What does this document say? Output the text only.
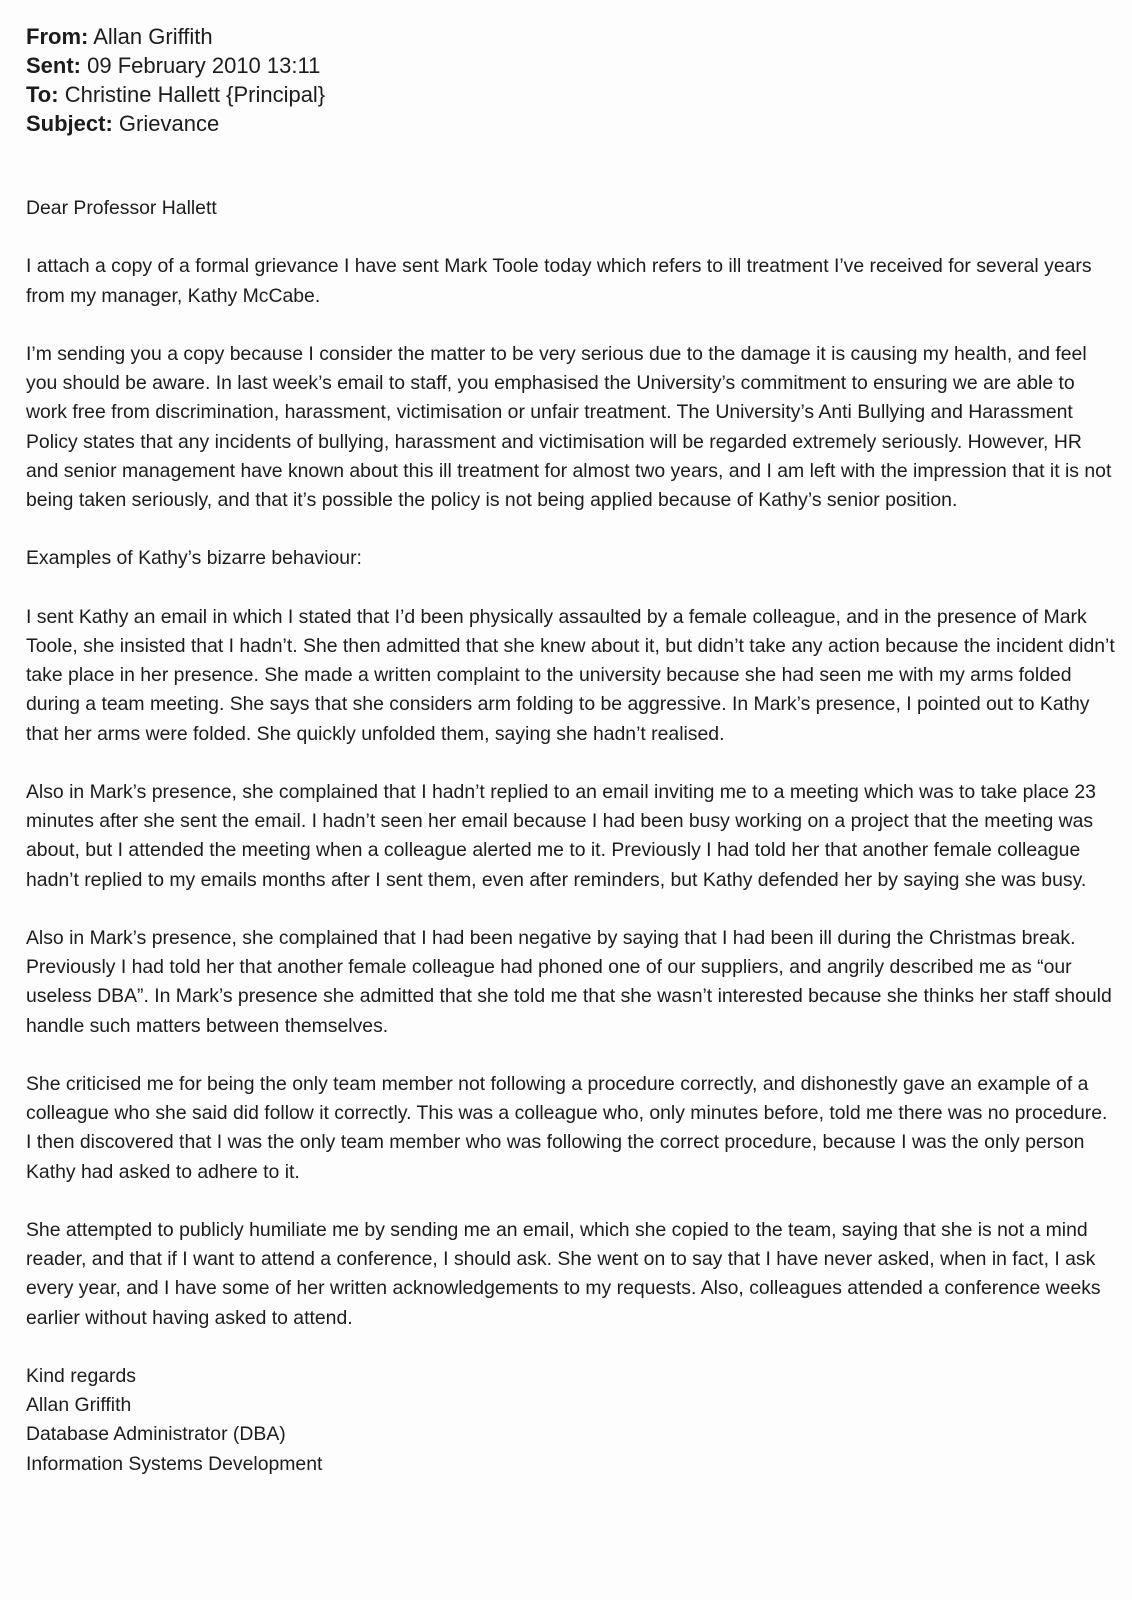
From: Allan Griffith
Sent: 09 February 2010 13:11
To: Christine Hallett {Principal}
Subject: Grievance

Dear Professor Hallett

I attach a copy of a formal grievance I have sent Mark Toole today which refers to ill treatment I’ve received for several years from my manager, Kathy McCabe.

I’m sending you a copy because I consider the matter to be very serious due to the damage it is causing my health, and feel you should be aware. In last week’s email to staff, you emphasised the University’s commitment to ensuring we are able to work free from discrimination, harassment, victimisation or unfair treatment. The University’s Anti Bullying and Harassment Policy states that any incidents of bullying, harassment and victimisation will be regarded extremely seriously. However, HR and senior management have known about this ill treatment for almost two years, and I am left with the impression that it is not being taken seriously, and that it’s possible the policy is not being applied because of Kathy’s senior position.

Examples of Kathy’s bizarre behaviour:

I sent Kathy an email in which I stated that I’d been physically assaulted by a female colleague, and in the presence of Mark Toole, she insisted that I hadn’t. She then admitted that she knew about it, but didn’t take any action because the incident didn’t take place in her presence. She made a written complaint to the university because she had seen me with my arms folded during a team meeting. She says that she considers arm folding to be aggressive. In Mark’s presence, I pointed out to Kathy that her arms were folded. She quickly unfolded them, saying she hadn’t realised.

Also in Mark’s presence, she complained that I hadn’t replied to an email inviting me to a meeting which was to take place 23 minutes after she sent the email. I hadn’t seen her email because I had been busy working on a project that the meeting was about, but I attended the meeting when a colleague alerted me to it. Previously I had told her that another female colleague hadn’t replied to my emails months after I sent them, even after reminders, but Kathy defended her by saying she was busy.

Also in Mark’s presence, she complained that I had been negative by saying that I had been ill during the Christmas break. Previously I had told her that another female colleague had phoned one of our suppliers, and angrily described me as “our useless DBA”. In Mark’s presence she admitted that she told me that she wasn’t interested because she thinks her staff should handle such matters between themselves.

She criticised me for being the only team member not following a procedure correctly, and dishonestly gave an example of a colleague who she said did follow it correctly. This was a colleague who, only minutes before, told me there was no procedure. I then discovered that I was the only team member who was following the correct procedure, because I was the only person Kathy had asked to adhere to it.

She attempted to publicly humiliate me by sending me an email, which she copied to the team, saying that she is not a mind reader, and that if I want to attend a conference, I should ask. She went on to say that I have never asked, when in fact, I ask every year, and I have some of her written acknowledgements to my requests. Also, colleagues attended a conference weeks earlier without having asked to attend.

Kind regards
Allan Griffith
Database Administrator (DBA)
Information Systems Development
